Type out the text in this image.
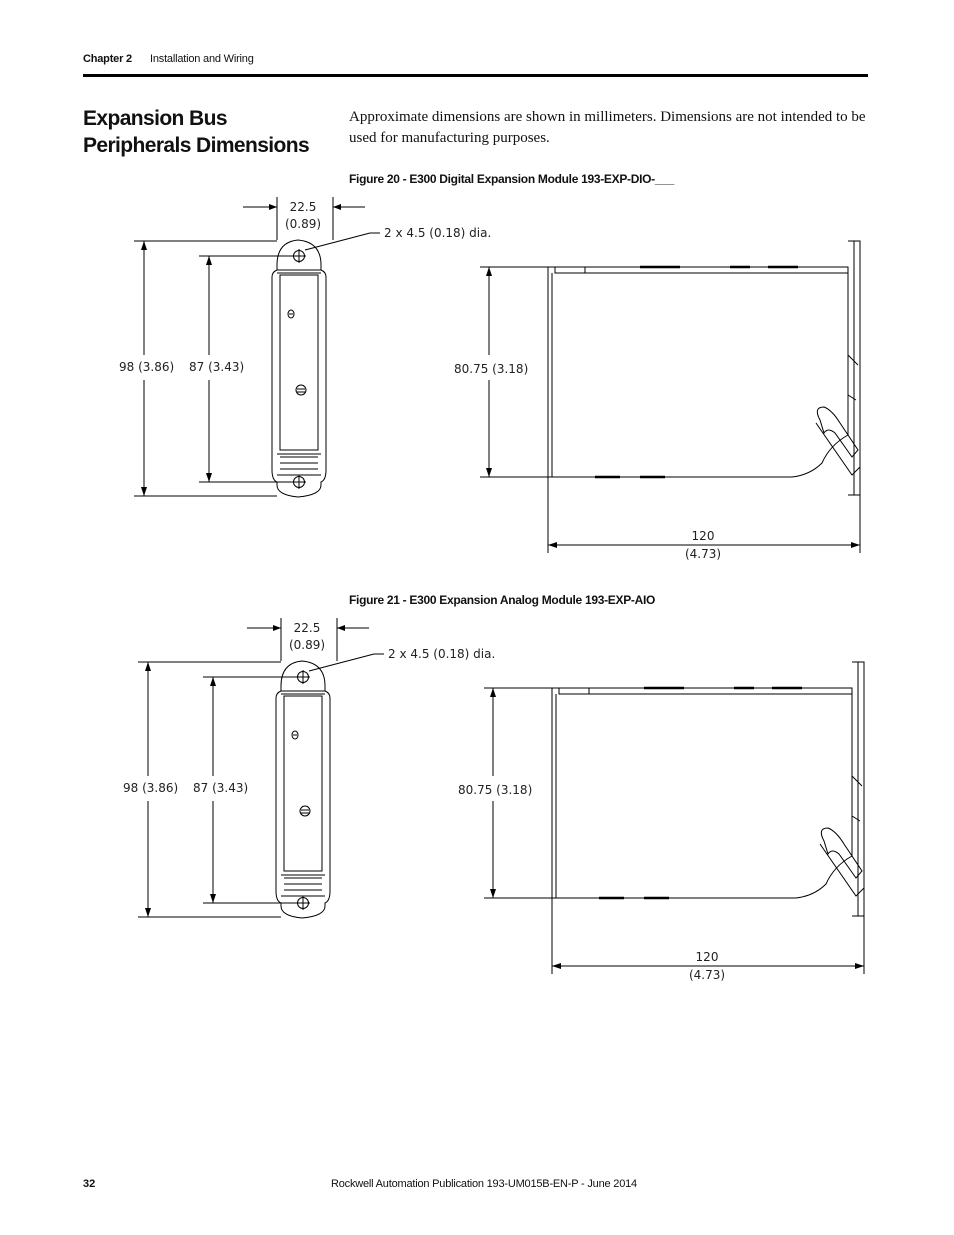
Chapter 2 Installation and Wiring
Expansion Bus Peripherals Dimensions

Approximate dimensions are shown in millimeters. Dimensions are not intended to be used for manufacturing purposes.

Figure 20 - E300 Digital Expansion Module 193-EXP-DIO-___
22.5
(0.89)
2 x 4.5 (0.18) dia.
98 (3.86) 87 (3.43)	80.75 (3.18)
120
(4.73)
Figure 21 - E300 Expansion Analog Module 193-EXP-AIO
22.5
(0.89)
2 x 4.5 (0.18) dia.
98 (3.86) 87 (3.43)	80.75 (3.18)
120
(4.73)
32	Rockwell Automation Publication 193-UM015B-EN-P - June 2014
